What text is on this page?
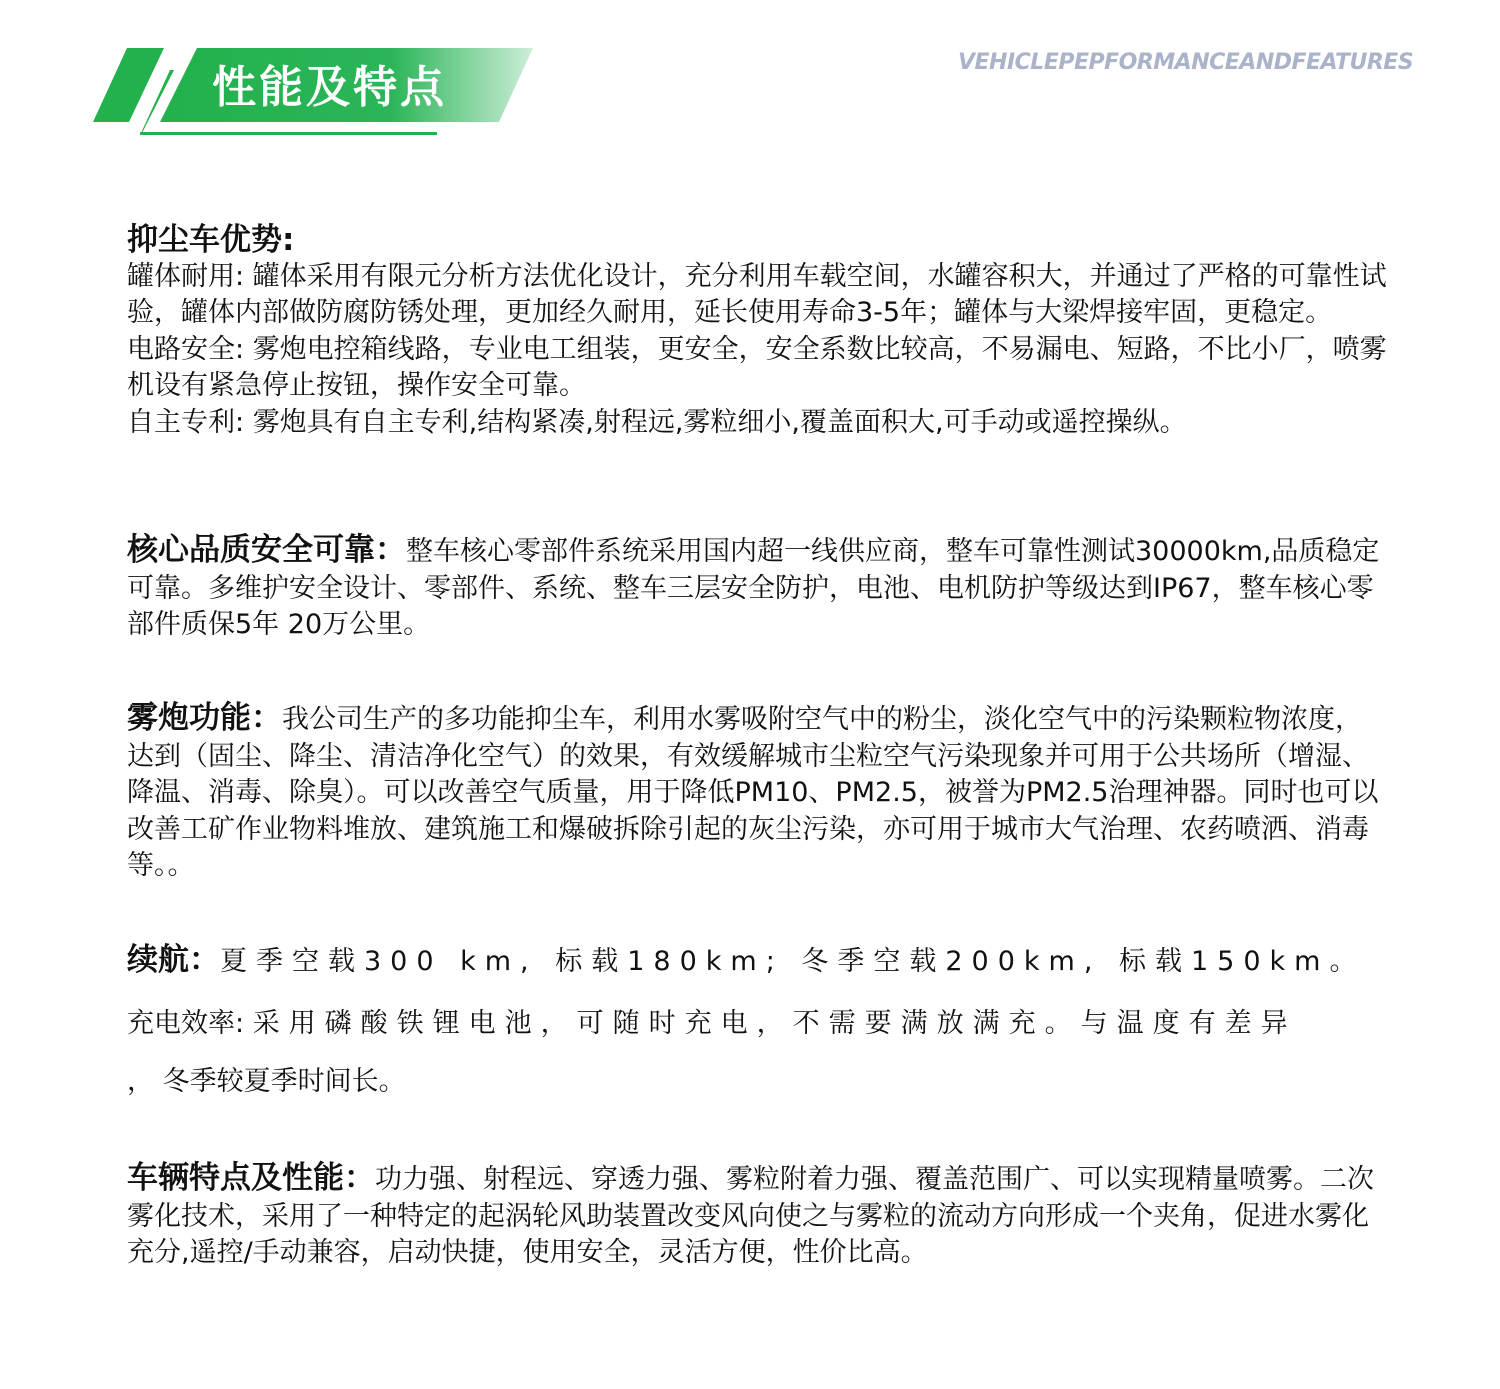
性能及特点	VEHICLEPEPFORMANCEANDFEATURES

抑尘车优势:

罐体耐用: 罐体采用有限元分析方法优化设计，充分利用车载空间，水罐容积大，并通过了严格的可靠性试验，罐体内部做防腐防锈处理，更加经久耐用，延长使用寿命3-5年；罐体与大梁焊接牢固，更稳定。

电路安全: 雾炮电控箱线路，专业电工组装，更安全，安全系数比较高，不易漏电、短路，不比小厂，喷雾机设有紧急停止按钮，操作安全可靠。

自主专利: 雾炮具有自主专利,结构紧凑,射程远,雾粒细小,覆盖面积大,可手动或遥控操纵。

核心品质安全可靠：整车核心零部件系统采用国内超一线供应商，整车可靠性测试30000km,品质稳定可靠。多维护安全设计、零部件、系统、整车三层安全防护，电池、电机防护等级达到IP67，整车核心零部件质保5年 20万公里。

雾炮功能：我公司生产的多功能抑尘车，利用水雾吸附空气中的粉尘，淡化空气中的污染颗粒物浓度，达到（固尘、降尘、清洁净化空气）的效果，有效缓解城市尘粒空气污染现象并可用于公共场所（增湿、降温、消毒、除臭）。可以改善空气质量，用于降低PM10、PM2.5，被誉为PM2.5治理神器。同时也可以改善工矿作业物料堆放、建筑施工和爆破拆除引起的灰尘污染，亦可用于城市大气治理、农药喷洒、消毒等。。

续航：夏季空载300 km, 标载180km; 冬季空载200km, 标载150km。

充电效率: 采用磷酸铁锂电池，可随时充电，不需要满放满充。与温度有差异

， 冬季较夏季时间长。

车辆特点及性能：功力强、射程远、穿透力强、雾粒附着力强、覆盖范围广、可以实现精量喷雾。二次雾化技术，采用了一种特定的起涡轮风助装置改变风向使之与雾粒的流动方向形成一个夹角，促进水雾化充分,遥控/手动兼容，启动快捷，使用安全，灵活方便，性价比高。
